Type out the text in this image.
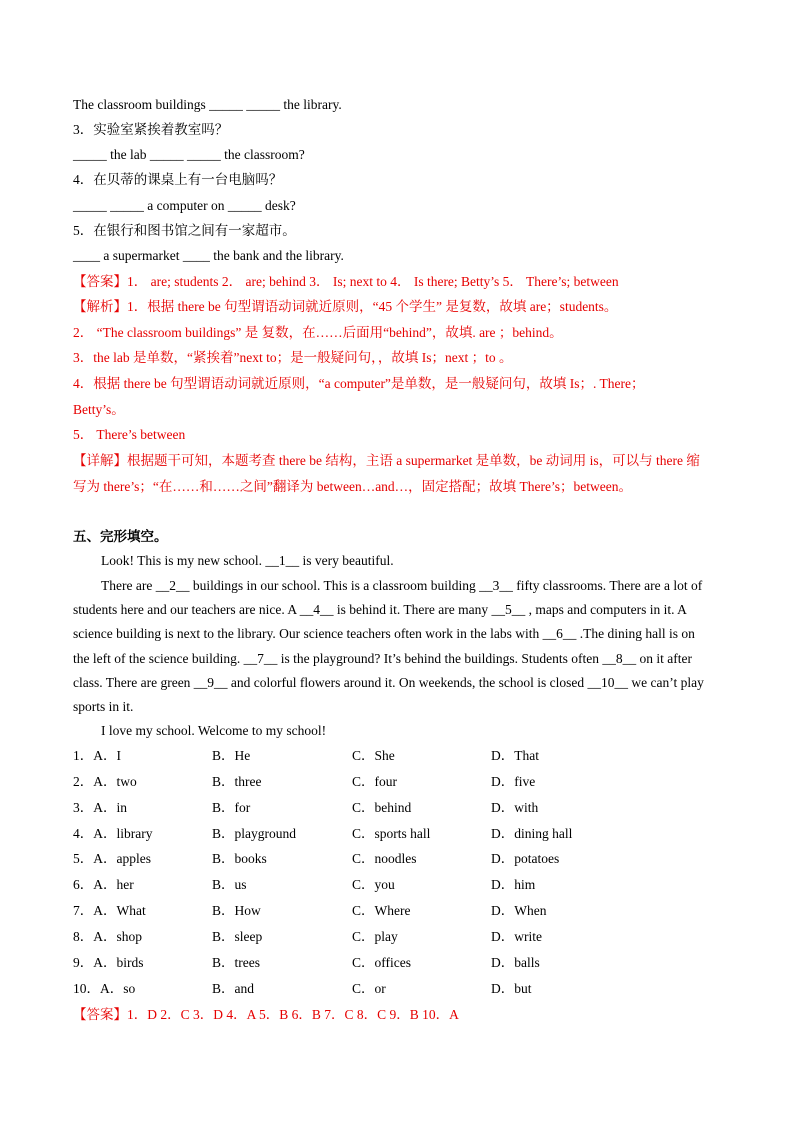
The classroom buildings _____ _____ the library.
3．实验室紧挨着教室吗？
_____ the lab _____ _____ the classroom?
4．在贝蒂的课桌上有一台电脑吗？
_____ _____ a computer on _____ desk?
5．在银行和图书馆之间有一家超市。
____ a supermarket ____ the bank and the library.
【答案】1． are; students 2． are; behind 3． Is; next to 4． Is there; Betty’s 5． There’s; between
【解析】1．根据 there be 句型谓语动词就近原则，“45 个学生” 是复数，故填 are；students。
2． “The classroom buildings” 是 复数，在……后面用“behind”，故填. are ；behind。
3．the lab 是单数，“紧挨着”next to；是一般疑问句，，故填 Is；next ；to 。
4．根据 there be 句型谓语动词就近原则，“a computer”是单数，是一般疑问句，故填 Is；. There；
Betty’s。
5． There’s between
【详解】根据题干可知，本题考查 there be 结构，主语 a supermarket 是单数，be 动词用 is，可以与 there 缩
写为 there’s；“在……和……之间”翻译为 between…and…，固定搭配；故填 There’s；between。
五、完形填空。
Look! This is my new school. __1__ is very beautiful.
There are __2__ buildings in our school. This is a classroom building __3__ fifty classrooms. There are a lot of
students here and our teachers are nice. A __4__ is behind it. There are many __5__ , maps and computers in it. A
science building is next to the library. Our science teachers often work in the labs with __6__ .The dining hall is on
the left of the science building. __7__ is the playground? It’s behind the buildings. Students often __8__ on it after
class. There are green __9__ and colorful flowers around it. On weekends, the school is closed __10__ we can’t play
sports in it.
I love my school. Welcome to my school!
1．A．I	B．He	C．She	D．That
2．A．two	B．three	C．four	D．five
3．A．in	B．for	C．behind	D．with
4．A．library	B．playground	C．sports hall	D．dining hall
5．A．apples	B．books	C．noodles	D．potatoes
6．A．her	B．us	C．you	D．him
7．A．What	B．How	C．Where	D．When
8．A．shop	B．sleep	C．play	D．write
9．A．birds	B．trees	C．offices	D．balls
10．A．so	B．and	C．or	D．but
【答案】1．D 2．C 3．D 4．A 5．B 6．B 7．C 8．C 9．B 10．A
